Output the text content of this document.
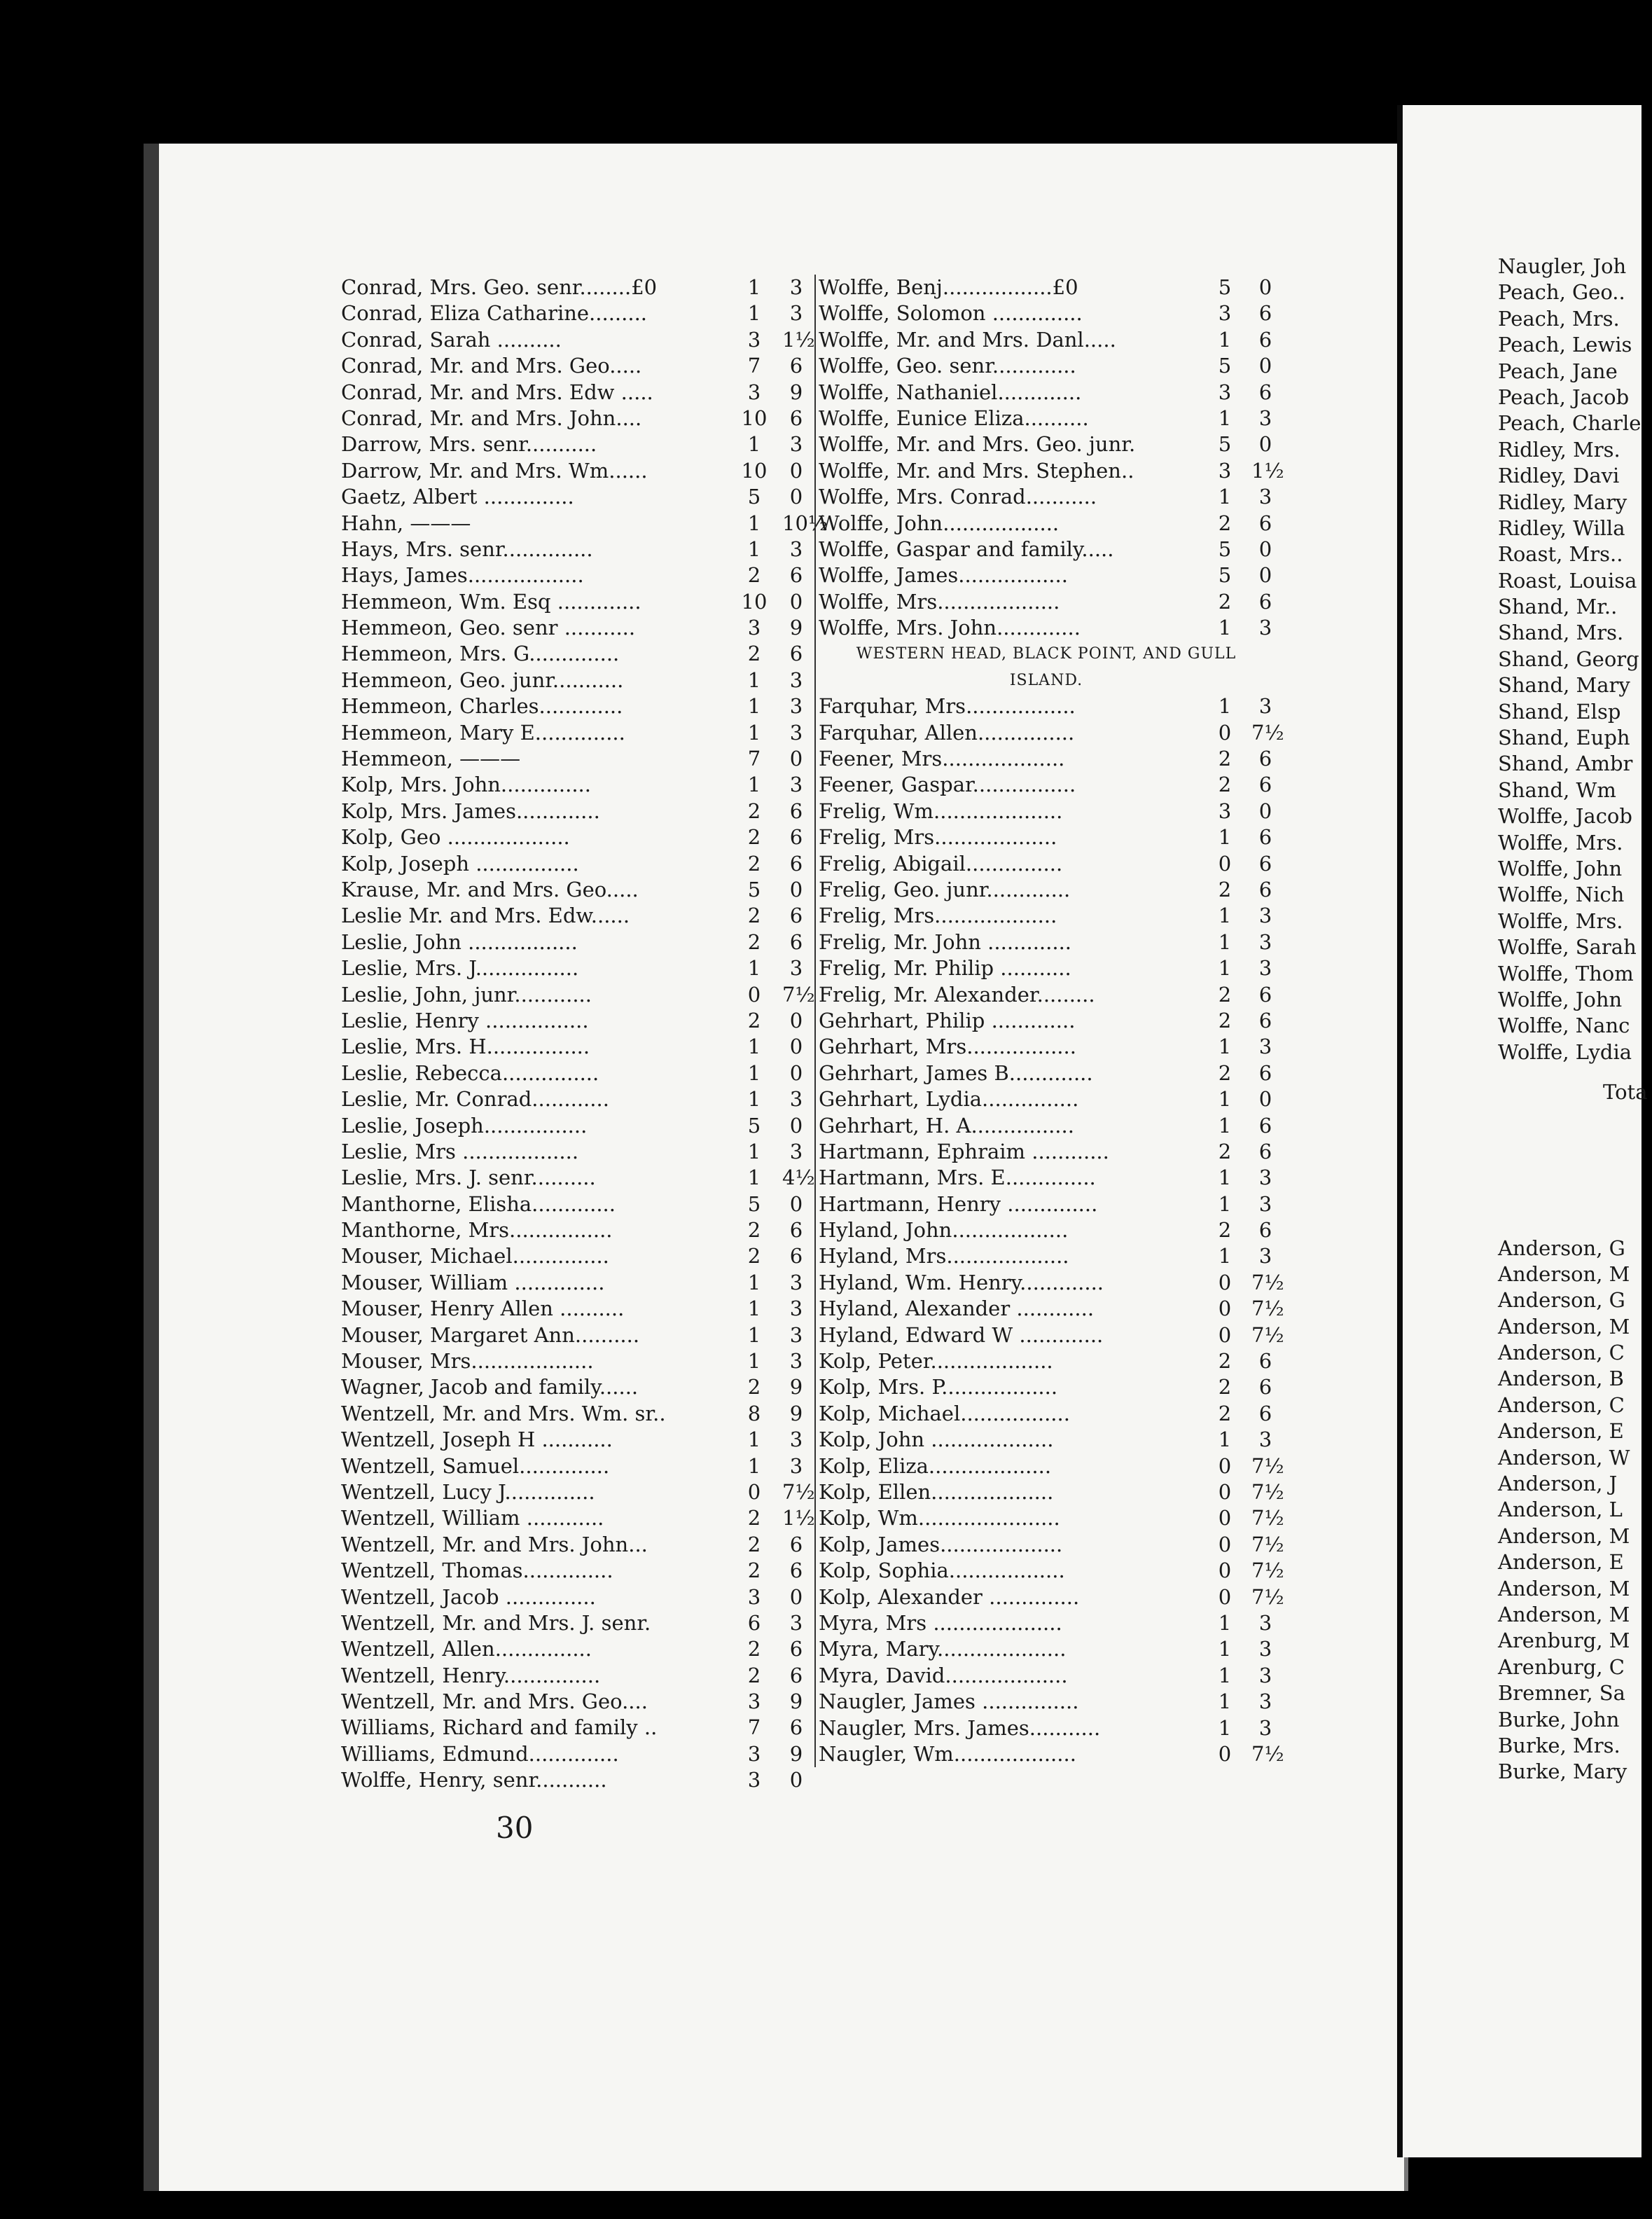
Conrad, Mrs. Geo. senr........£0	1	3
Conrad, Eliza Catharine.........	1	3
Conrad, Sarah ..........	3	1½
Conrad, Mr. and Mrs. Geo.....	7	6
Conrad, Mr. and Mrs. Edw .....	3	9
Conrad, Mr. and Mrs. John....	10	6
Darrow, Mrs. senr...........	1	3
Darrow, Mr. and Mrs. Wm......	10	0
Gaetz, Albert ..............	5	0
Hahn, ———	1	10½
Hays, Mrs. senr..............	1	3
Hays, James..................	2	6
Hemmeon, Wm. Esq .............	10	0
Hemmeon, Geo. senr ...........	3	9
Hemmeon, Mrs. G..............	2	6
Hemmeon, Geo. junr...........	1	3
Hemmeon, Charles.............	1	3
Hemmeon, Mary E..............	1	3
Hemmeon, ———	7	0
Kolp, Mrs. John..............	1	3
Kolp, Mrs. James.............	2	6
Kolp, Geo ...................	2	6
Kolp, Joseph ................	2	6
Krause, Mr. and Mrs. Geo.....	5	0
Leslie Mr. and Mrs. Edw......	2	6
Leslie, John .................	2	6
Leslie, Mrs. J................	1	3
Leslie, John, junr............	0	7½
Leslie, Henry ................	2	0
Leslie, Mrs. H................	1	0
Leslie, Rebecca...............	1	0
Leslie, Mr. Conrad............	1	3
Leslie, Joseph................	5	0
Leslie, Mrs ..................	1	3
Leslie, Mrs. J. senr..........	1	4½
Manthorne, Elisha.............	5	0
Manthorne, Mrs................	2	6
Mouser, Michael...............	2	6
Mouser, William ..............	1	3
Mouser, Henry Allen ..........	1	3
Mouser, Margaret Ann..........	1	3
Mouser, Mrs...................	1	3
Wagner, Jacob and family......	2	9
Wentzell, Mr. and Mrs. Wm. sr..	8	9
Wentzell, Joseph H ...........	1	3
Wentzell, Samuel..............	1	3
Wentzell, Lucy J..............	0	7½
Wentzell, William ............	2	1½
Wentzell, Mr. and Mrs. John...	2	6
Wentzell, Thomas..............	2	6
Wentzell, Jacob ..............	3	0
Wentzell, Mr. and Mrs. J. senr.	6	3
Wentzell, Allen...............	2	6
Wentzell, Henry...............	2	6
Wentzell, Mr. and Mrs. Geo....	3	9
Williams, Richard and family ..	7	6
Williams, Edmund..............	3	9
Wolffe, Henry, senr...........	3	0
Wolffe, Benj.................£0	5	0
Wolffe, Solomon ..............	3	6
Wolffe, Mr. and Mrs. Danl.....	1	6
Wolffe, Geo. senr.............	5	0
Wolffe, Nathaniel.............	3	6
Wolffe, Eunice Eliza..........	1	3
Wolffe, Mr. and Mrs. Geo. junr.	5	0
Wolffe, Mr. and Mrs. Stephen..	3 1½
Wolffe, Mrs. Conrad...........	1	3
Wolffe, John..................	2	6
Wolffe, Gaspar and family.....	5	0
Wolffe, James.................	5	0
Wolffe, Mrs...................	2	6
Wolffe, Mrs. John.............	1	3
WESTERN HEAD, BLACK POINT, AND GULL
ISLAND.
Farquhar, Mrs.................	1	3
Farquhar, Allen...............	0 7½
Feener, Mrs...................	2	6
Feener, Gaspar................	2	6
Frelig, Wm....................	3	0
Frelig, Mrs...................	1	6
Frelig, Abigail...............	0	6
Frelig, Geo. junr.............	2	6
Frelig, Mrs...................	1	3
Frelig, Mr. John .............	1	3
Frelig, Mr. Philip ...........	1	3
Frelig, Mr. Alexander.........	2	6
Gehrhart, Philip .............	2	6
Gehrhart, Mrs.................	1	3
Gehrhart, James B.............	2	6
Gehrhart, Lydia...............	1	0
Gehrhart, H. A................	1	6
Hartmann, Ephraim ............	2	6
Hartmann, Mrs. E..............	1	3
Hartmann, Henry ..............	1	3
Hyland, John..................	2	6
Hyland, Mrs...................	1	3
Hyland, Wm. Henry.............	0 7½
Hyland, Alexander ............	0 7½
Hyland, Edward W .............	0 7½
Kolp, Peter...................	2	6
Kolp, Mrs. P..................	2	6
Kolp, Michael.................	2	6
Kolp, John ...................	1	3
Kolp, Eliza...................	0 7½
Kolp, Ellen...................	0 7½
Kolp, Wm......................	0 7½
Kolp, James...................	0 7½
Kolp, Sophia..................	0 7½
Kolp, Alexander ..............	0 7½
Myra, Mrs ....................	1	3
Myra, Mary....................	1	3
Myra, David...................	1	3
Naugler, James ...............	1	3
Naugler, Mrs. James...........	1	3
Naugler, Wm...................	0 7½
30
Naugler, Joh
Peach, Geo..
Peach, Mrs.
Peach, Lewis
Peach, Jane
Peach, Jacob
Peach, Charle
Ridley, Mrs.
Ridley, Davi
Ridley, Mary
Ridley, Willa
Roast, Mrs..
Roast, Louisa
Shand, Mr..
Shand, Mrs.
Shand, Georg
Shand, Mary
Shand, Elsp
Shand, Euph
Shand, Ambr
Shand, Wm
Wolffe, Jacob
Wolffe, Mrs.
Wolffe, John
Wolffe, Nich
Wolffe, Mrs.
Wolffe, Sarah
Wolffe, Thom
Wolffe, John
Wolffe, Nanc
Wolffe, Lydia
Tota
Anderson, G
Anderson, M
Anderson, G
Anderson, M
Anderson, C
Anderson, B
Anderson, C
Anderson, E
Anderson, W
Anderson, J
Anderson, L
Anderson, M
Anderson, E
Anderson, M
Anderson, M
Arenburg, M
Arenburg, C
Bremner, Sa
Burke, John
Burke, Mrs.
Burke, Mary
